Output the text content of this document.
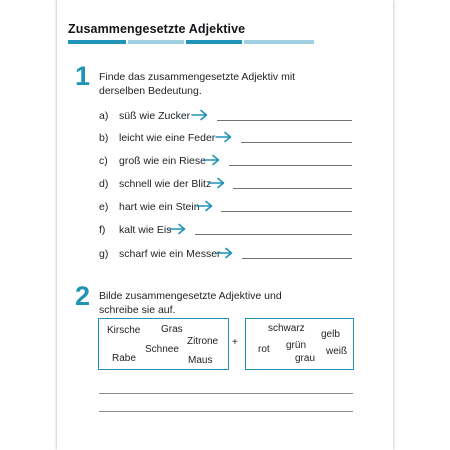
Zusammengesetzte Adjektive
1 Finde das zusammengesetzte Adjektiv mit
derselben Bedeutung.
a) süß wie Zucker
b) leicht wie eine Feder
c) groß wie ein Riese
d) schnell wie der Blitz
e) hart wie ein Stein
f) kalt wie Eis
g) scharf wie ein Messer
2 Bilde zusammengesetzte Adjektive und
schreibe sie auf.
Kirsche Gras
Zitrone
Schnee
Rabe	Maus
+
schwarz
gelb
rot grün
weiß
grau
